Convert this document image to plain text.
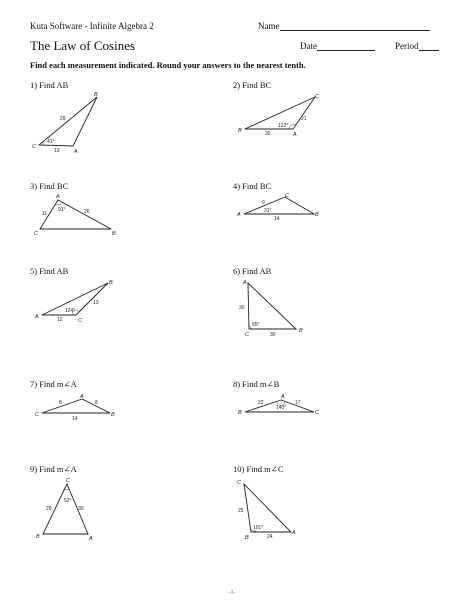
Kuta Software - Infinite Algebra 2	Name
The Law of Cosines	Date	Period
Find each measurement indicated. Round your answers to the nearest tenth.
1) Find AB
B
C
A
29
41°
13
2) Find BC
C
B
A
122°
21
30
3) Find BC
A
C	B
91°
11	26
4) Find BC
C
A	B
9
31°
14
5) Find AB
B
A
C
13
124°
12
6) Find AB
A
C
B
30
85°
30
7) Find m∠A
A
C	B
8	8
14
8) Find m∠B
A
B	C
22	17
140°
9) Find m∠A
C
B	A
52°
29	30
10) Find m∠C
C
B
A
25
101°
24
-1-
